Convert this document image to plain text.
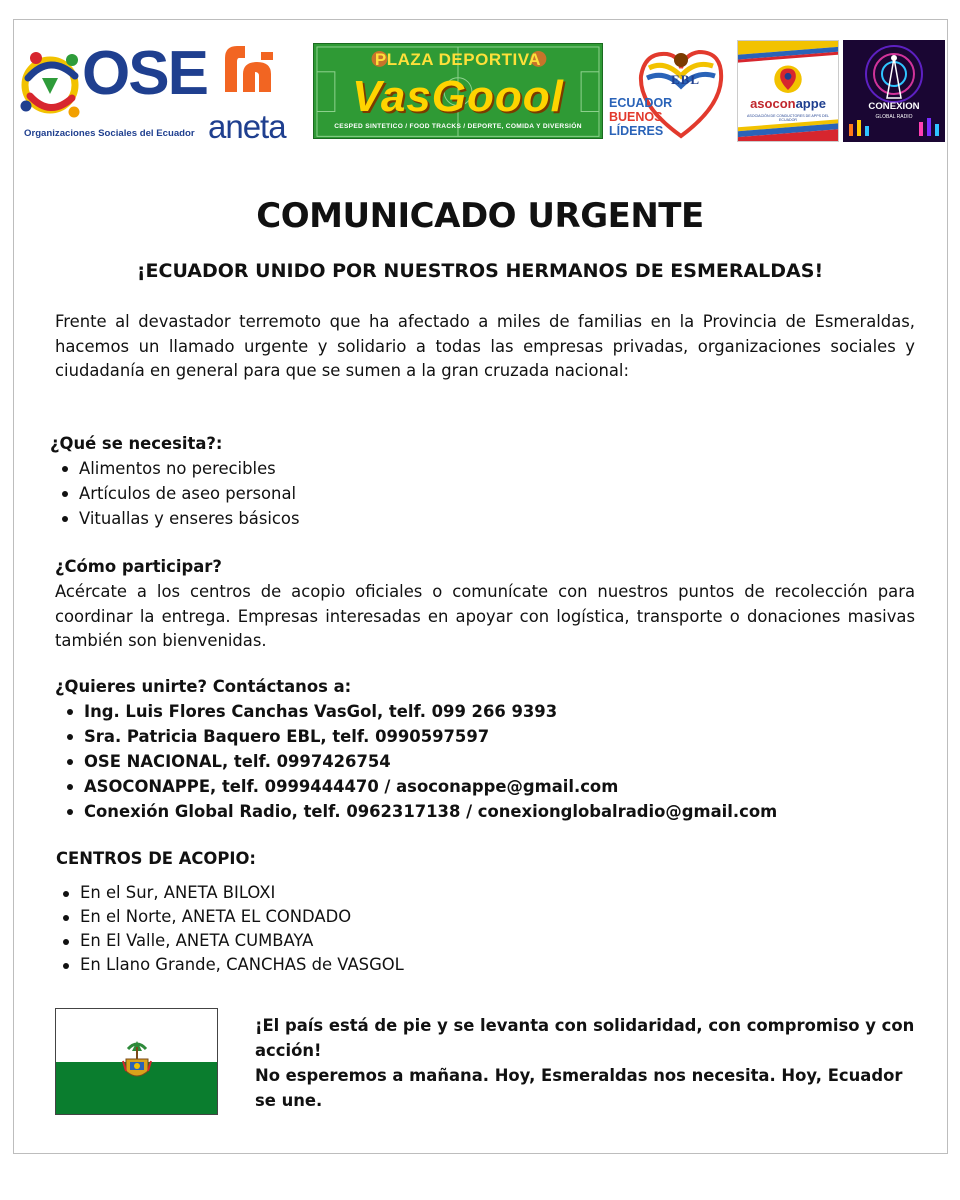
OSE
Organizaciones Sociales del Ecuador aneta
PLAZA DEPORTIVA
VasGoool
CESPED SINTETICO / FOOD TRACKS / DEPORTE, COMIDA Y DIVERSIÓN
EBL
ECUADOR
BUENOS
LÍDERES
asoconappe
ASOCIACIÓN DE CONDUCTORES DE APPS DEL ECUADOR
CONEXION
GLOBAL RADIO
COMUNICADO URGENTE
¡ECUADOR UNIDO POR NUESTROS HERMANOS DE ESMERALDAS!

Frente al devastador terremoto que ha afectado a miles de familias en la Provincia de Esmeraldas, hacemos un llamado urgente y solidario a todas las empresas privadas, organizaciones sociales y ciudadanía en general para que se sumen a la gran cruzada nacional:

¿Qué se necesita?:
Alimentos no perecibles
Artículos de aseo personal
Vituallas y enseres básicos
¿Cómo participar?

Acércate a los centros de acopio oficiales o comunícate con nuestros puntos de recolección para coordinar la entrega. Empresas interesadas en apoyar con logística, transporte o donaciones masivas también son bienvenidas.

¿Quieres unirte? Contáctanos a:
Ing. Luis Flores Canchas VasGol, telf. 099 266 9393
Sra. Patricia Baquero EBL, telf. 0990597597
OSE NACIONAL, telf. 0997426754
ASOCONAPPE, telf. 0999444470 / asoconappe@gmail.com
Conexión Global Radio, telf. 0962317138 / conexionglobalradio@gmail.com
CENTROS DE ACOPIO:
En el Sur, ANETA BILOXI
En el Norte, ANETA EL CONDADO
En El Valle, ANETA CUMBAYA
En Llano Grande, CANCHAS de VASGOL
¡El país está de pie y se levanta con solidaridad, con compromiso y con acción!
No esperemos a mañana. Hoy, Esmeraldas nos necesita. Hoy, Ecuador se une.
